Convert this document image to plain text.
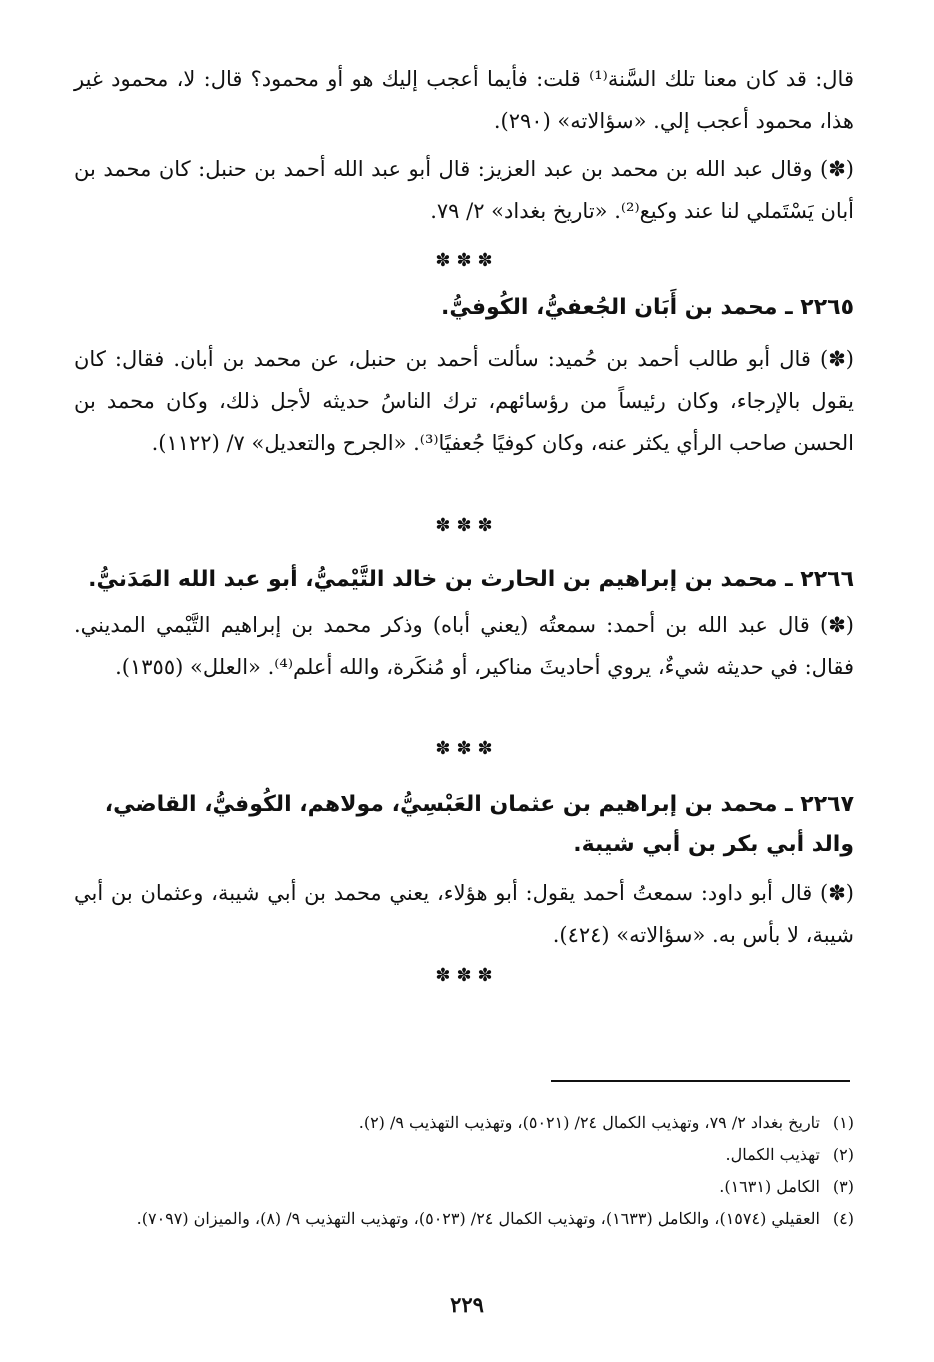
قال: قد كان معنا تلك السَّنة⁽¹⁾ قلت: فأيما أعجب إليك هو أو محمود؟ قال: لا، محمود غير هذا، محمود أعجب إلي. «سؤالاته» (٢٩٠).

(✽) وقال عبد الله بن محمد بن عبد العزيز: قال أبو عبد الله أحمد بن حنبل: كان محمد بن أبان يَسْتَملي لنا عند وكيع⁽²⁾. «تاريخ بغداد» ٢/ ٧٩.

✽✽✽

٢٢٦٥ ـ محمد بن أَبَان الجُعفيُّ، الكُوفيُّ.

(✽) قال أبو طالب أحمد بن حُميد: سألت أحمد بن حنبل، عن محمد بن أبان. فقال: كان يقول بالإرجاء، وكان رئيساً من رؤسائهم، ترك الناسُ حديثه لأجل ذلك، وكان محمد بن الحسن صاحب الرأي يكثر عنه، وكان كوفيًا جُعفيًا⁽³⁾. «الجرح والتعديل» ٧/ (١١٢٢).

✽✽✽

٢٢٦٦ ـ محمد بن إبراهيم بن الحارث بن خالد التَّيْميُّ، أبو عبد الله المَدَنيُّ.

(✽) قال عبد الله بن أحمد: سمعتُه (يعني أباه) وذكر محمد بن إبراهيم التَّيْمي المديني. فقال: في حديثه شيءٌ، يروي أحاديثَ مناكير، أو مُنكَرة، والله أعلم⁽⁴⁾. «العلل» (١٣٥٥).

✽✽✽

٢٢٦٧ ـ محمد بن إبراهيم بن عثمان العَبْسِيُّ، مولاهم، الكُوفيُّ، القاضي، والد أبي بكر بن أبي شيبة.

(✽) قال أبو داود: سمعتُ أحمد يقول: أبو هؤلاء، يعني محمد بن أبي شيبة، وعثمان بن أبي شيبة، لا بأس به. «سؤالاته» (٤٢٤).

✽✽✽
(١)
تاريخ بغداد ٢/ ٧٩، وتهذيب الكمال ٢٤/ (٥٠٢١)، وتهذيب التهذيب ٩/ (٢).
(٢)
تهذيب الكمال.
(٣)
الكامل (١٦٣١).
(٤)
العقيلي (١٥٧٤)، والكامل (١٦٣٣)، وتهذيب الكمال ٢٤/ (٥٠٢٣)، وتهذيب التهذيب ٩/ (٨)، والميزان (٧٠٩٧).
٢٢٩
